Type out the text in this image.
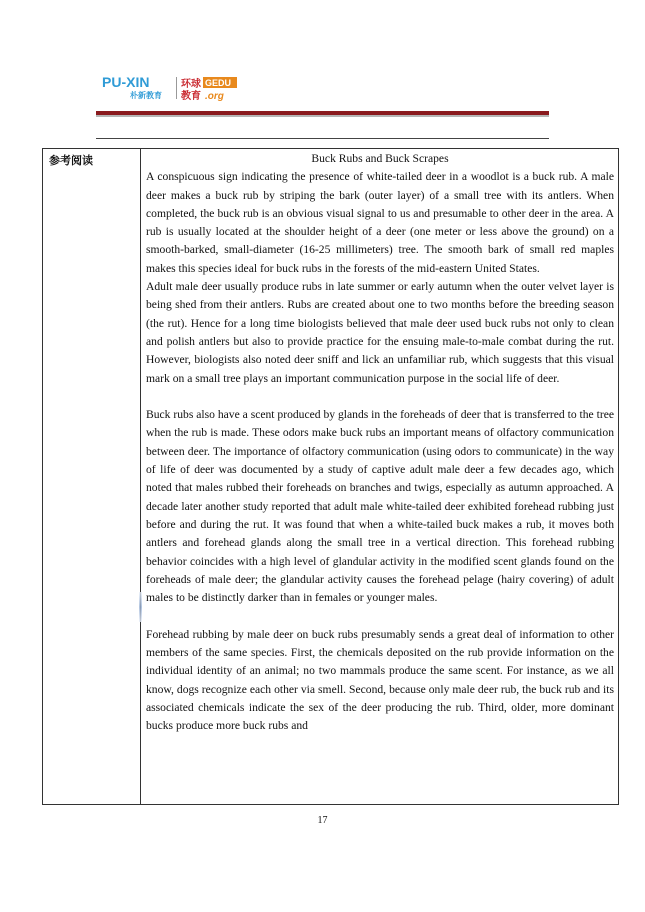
PU-XIN
朴新教育
环球 GEDU
教育 .org
参考阅读	Buck Rubs and Buck Scrapes

A conspicuous sign indicating the presence of white-tailed deer in a woodlot is a buck rub. A male deer makes a buck rub by striping the bark (outer layer) of a small tree with its antlers. When completed, the buck rub is an obvious visual signal to us and presumable to other deer in the area. A rub is usually located at the shoulder height of a deer (one meter or less above the ground) on a smooth-barked, small-diameter (16-25 millimeters) tree. The smooth bark of small red maples makes this species ideal for buck rubs in the forests of the mid-eastern United States.

Adult male deer usually produce rubs in late summer or early autumn when the outer velvet layer is being shed from their antlers. Rubs are created about one to two months before the breeding season (the rut). Hence for a long time biologists believed that male deer used buck rubs not only to clean and polish antlers but also to provide practice for the ensuing male-to-male combat during the rut. However, biologists also noted deer sniff and lick an unfamiliar rub, which suggests that this visual mark on a small tree plays an important communication purpose in the social life of deer.

Buck rubs also have a scent produced by glands in the foreheads of deer that is transferred to the tree when the rub is made. These odors make buck rubs an important means of olfactory communication between deer. The importance of olfactory communication (using odors to communicate) in the way of life of deer was documented by a study of captive adult male deer a few decades ago, which noted that males rubbed their foreheads on branches and twigs, especially as autumn approached. A decade later another study reported that adult male white-tailed deer exhibited forehead rubbing just before and during the rut. It was found that when a white-tailed buck makes a rub, it moves both antlers and forehead glands along the small tree in a vertical direction. This forehead rubbing behavior coincides with a high level of glandular activity in the modified scent glands found on the foreheads of male deer; the glandular activity causes the forehead pelage (hairy covering) of adult males to be distinctly darker than in females or younger males.

Forehead rubbing by male deer on buck rubs presumably sends a great deal of information to other members of the same species. First, the chemicals deposited on the rub provide information on the individual identity of an animal; no two mammals produce the same scent. For instance, as we all know, dogs recognize each other via smell. Second, because only male deer rub, the buck rub and its associated chemicals indicate the sex of the deer producing the rub. Third, older, more dominant bucks produce more buck rubs and

17
